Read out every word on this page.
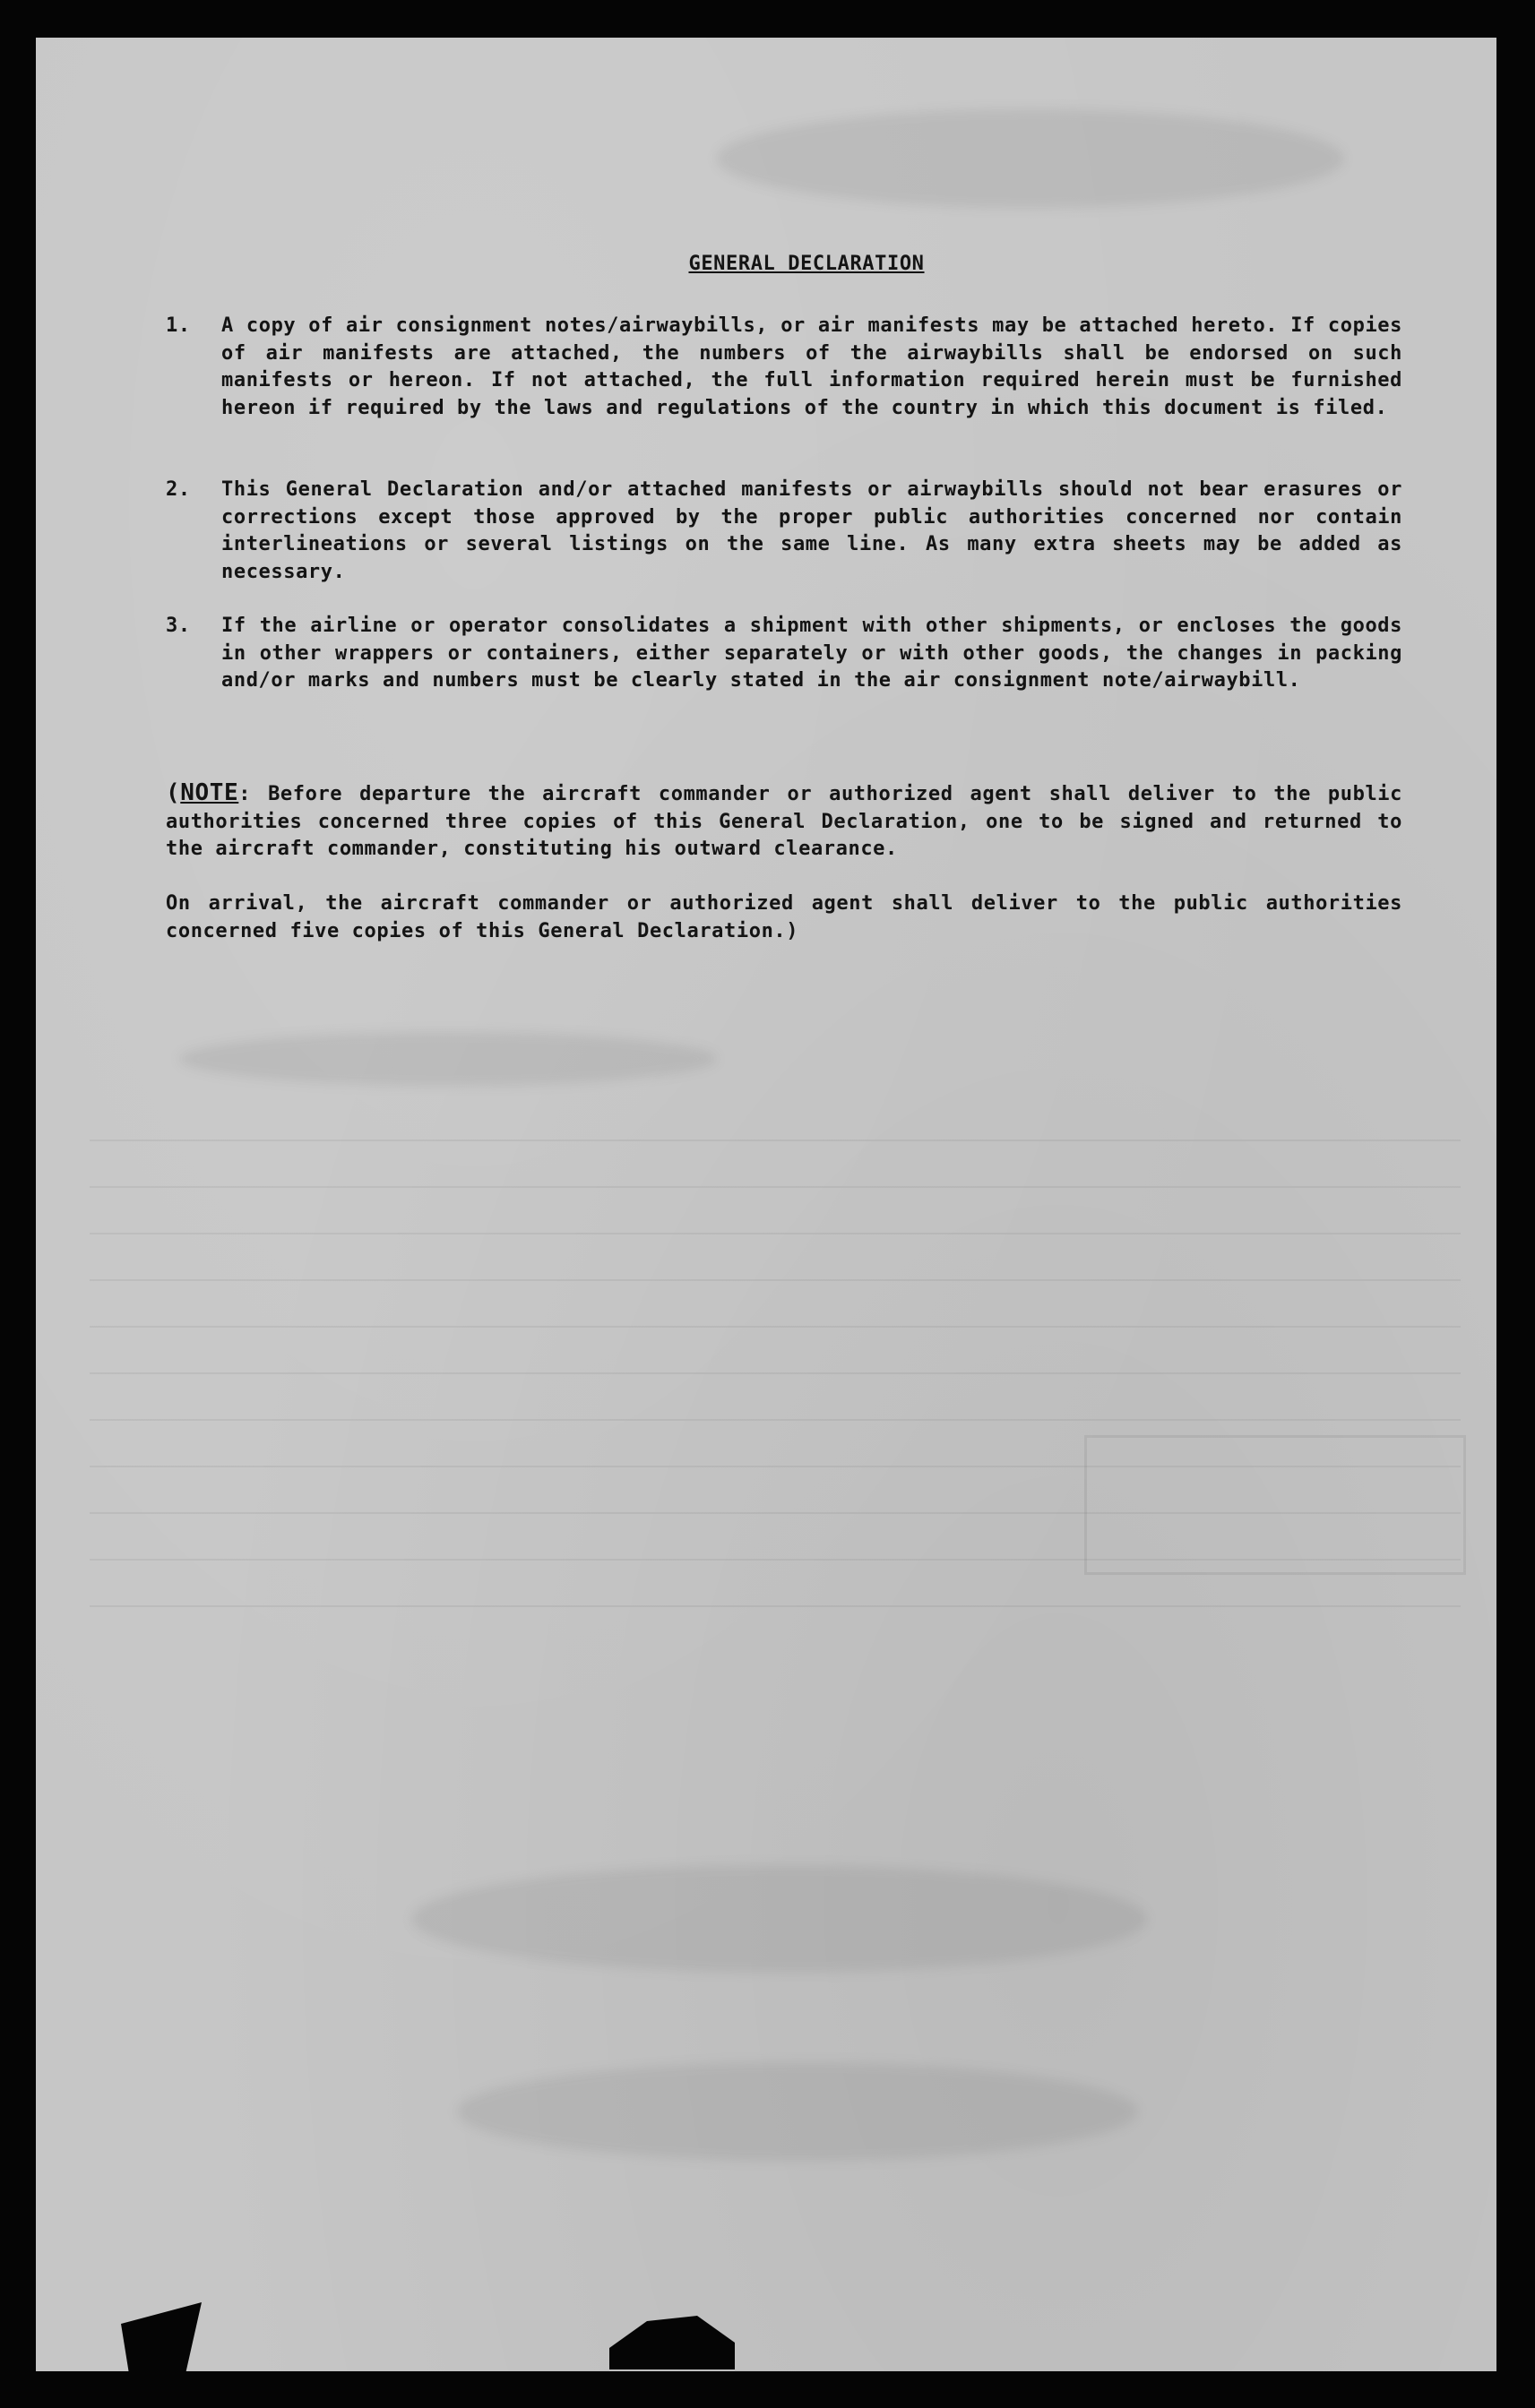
GENERAL DECLARATION
1.	A copy of air consignment notes/airwaybills, or air manifests may be attached hereto. If copies of air manifests are attached, the numbers of the airwaybills shall be endorsed on such manifests or hereon. If not attached, the full information required herein must be furnished hereon if required by the laws and regulations of the country in which this document is filed.
2.	This General Declaration and/or attached manifests or airwaybills should not bear erasures or corrections except those approved by the proper public authorities concerned nor contain interlineations or several listings on the same line. As many extra sheets may be added as necessary.
3.	If the airline or operator consolidates a shipment with other shipments, or encloses the goods in other wrappers or containers, either separately or with other goods, the changes in packing and/or marks and numbers must be clearly stated in the air consignment note/airwaybill.
(NOTE: Before departure the aircraft commander or authorized agent shall deliver to the public authorities concerned three copies of this General Declaration, one to be signed and returned to the aircraft commander, constituting his outward clearance.
On arrival, the aircraft commander or authorized agent shall deliver to the public authorities concerned five copies of this General Declaration.)
